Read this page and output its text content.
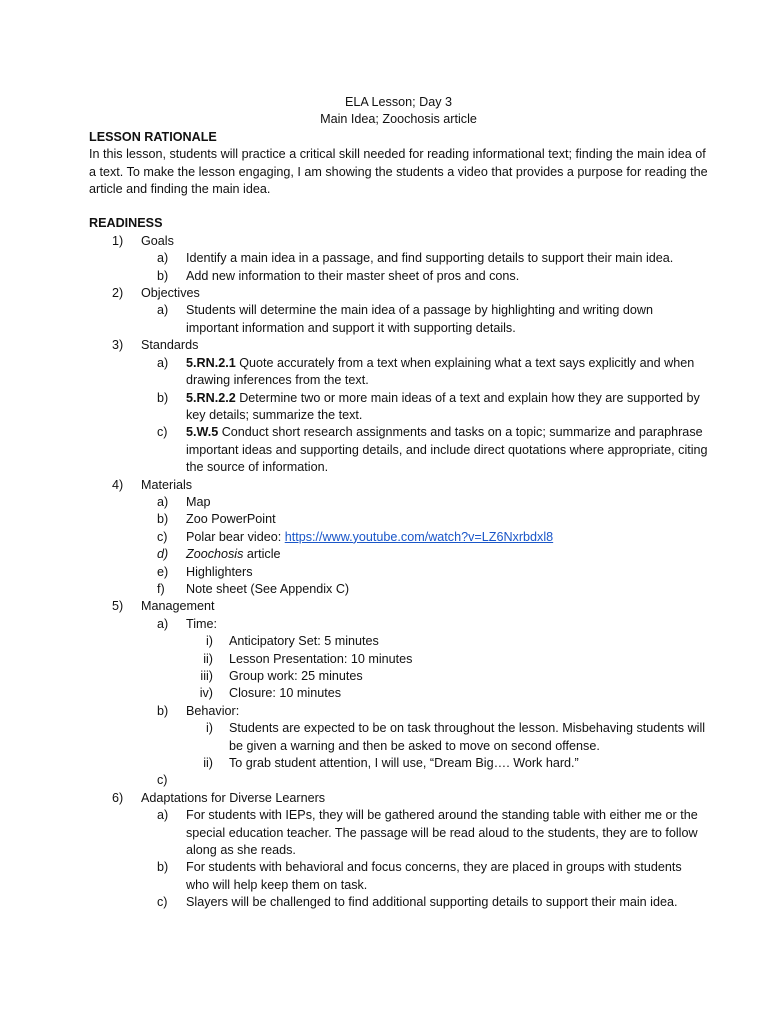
ELA Lesson; Day 3
Main Idea; Zoochosis article
LESSON RATIONALE
In this lesson, students will practice a critical skill needed for reading informational text; finding the main idea of a text. To make the lesson engaging, I am showing the students a video that provides a purpose for reading the article and finding the main idea.
READINESS
1)	Goals
a)	Identify a main idea in a passage, and find supporting details to support their main idea.
b)	Add new information to their master sheet of pros and cons.
2)	Objectives
a)	Students will determine the main idea of a passage by highlighting and writing down important information and support it with supporting details.
3)	Standards
a)	5.RN.2.1 Quote accurately from a text when explaining what a text says explicitly and when drawing inferences from the text.
b)	5.RN.2.2 Determine two or more main ideas of a text and explain how they are supported by key details; summarize the text.
c)	5.W.5 Conduct short research assignments and tasks on a topic; summarize and paraphrase important ideas and supporting details, and include direct quotations where appropriate, citing the source of information.
4)	Materials
a)	Map
b)	Zoo PowerPoint
c)	Polar bear video: https://www.youtube.com/watch?v=LZ6Nxrbdxl8
d)	Zoochosis article
e)	Highlighters
f)	Note sheet (See Appendix C)
5)	Management
a)	Time:
i)	Anticipatory Set: 5 minutes
ii)	Lesson Presentation: 10 minutes
iii)	Group work: 25 minutes
iv)	Closure: 10 minutes
b)	Behavior:
i)	Students are expected to be on task throughout the lesson. Misbehaving students will be given a warning and then be asked to move on second offense.
ii)	To grab student attention, I will use, “Dream Big…. Work hard.”
c)
6)	Adaptations for Diverse Learners
a)	For students with IEPs, they will be gathered around the standing table with either me or the special education teacher. The passage will be read aloud to the students, they are to follow along as she reads.
b)	For students with behavioral and focus concerns, they are placed in groups with students who will help keep them on task.
c)	Slayers will be challenged to find additional supporting details to support their main idea.
